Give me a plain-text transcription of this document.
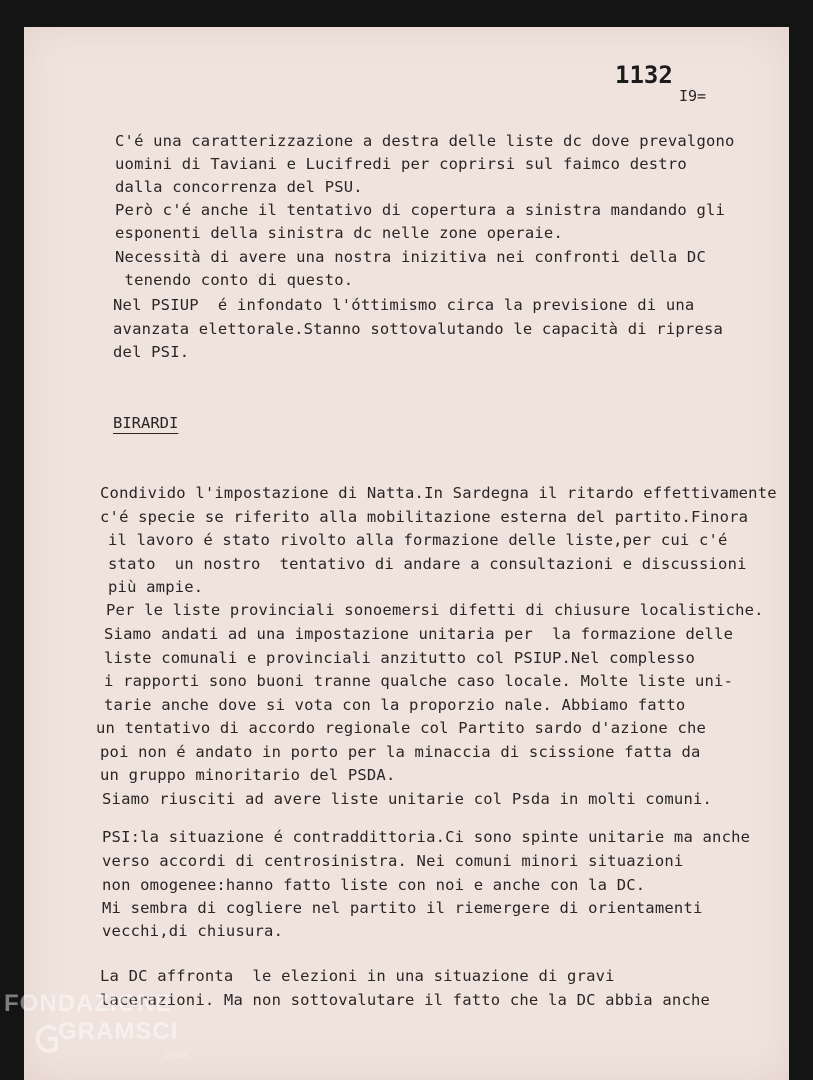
1132

I9=

C'é una caratterizzazione a destra delle liste dc dove prevalgono

uomini di Taviani e Lucifredi per coprirsi sul faimco destro

dalla concorrenza del PSU.

Però c'é anche il tentativo di copertura a sinistra mandando gli

esponenti della sinistra dc nelle zone operaie.

Necessità di avere una nostra inizitiva nei confronti della DC

tenendo conto di questo.

Nel PSIUP  é infondato l'óttimismo circa la previsione di una

avanzata elettorale.Stanno sottovalutando le capacità di ripresa

del PSI.

BIRARDI

Condivido l'impostazione di Natta.In Sardegna il ritardo effettivamente

c'é specie se riferito alla mobilitazione esterna del partito.Finora

il lavoro é stato rivolto alla formazione delle liste,per cui c'é

stato  un nostro  tentativo di andare a consultazioni e discussioni

più ampie.

Per le liste provinciali sonoemersi difetti di chiusure localistiche.

Siamo andati ad una impostazione unitaria per  la formazione delle

liste comunali e provinciali anzitutto col PSIUP.Nel complesso

i rapporti sono buoni tranne qualche caso locale. Molte liste uni-

tarie anche dove si vota con la proporzio nale. Abbiamo fatto

un tentativo di accordo regionale col Partito sardo d'azione che

poi non é andato in porto per la minaccia di scissione fatta da

un gruppo minoritario del PSDA.

Siamo riusciti ad avere liste unitarie col Psda in molti comuni.

PSI:la situazione é contraddittoria.Ci sono spinte unitarie ma anche

verso accordi di centrosinistra. Nei comuni minori situazioni

non omogenee:hanno fatto liste con noi e anche con la DC.

Mi sembra di cogliere nel partito il riemergere di orientamenti

vecchi,di chiusura.

La DC affronta  le elezioni in una situazione di gravi

lacerazioni. Ma non sottovalutare il fatto che la DC abbia anche

FONDAZIONE

GRAMSCI

onlus
